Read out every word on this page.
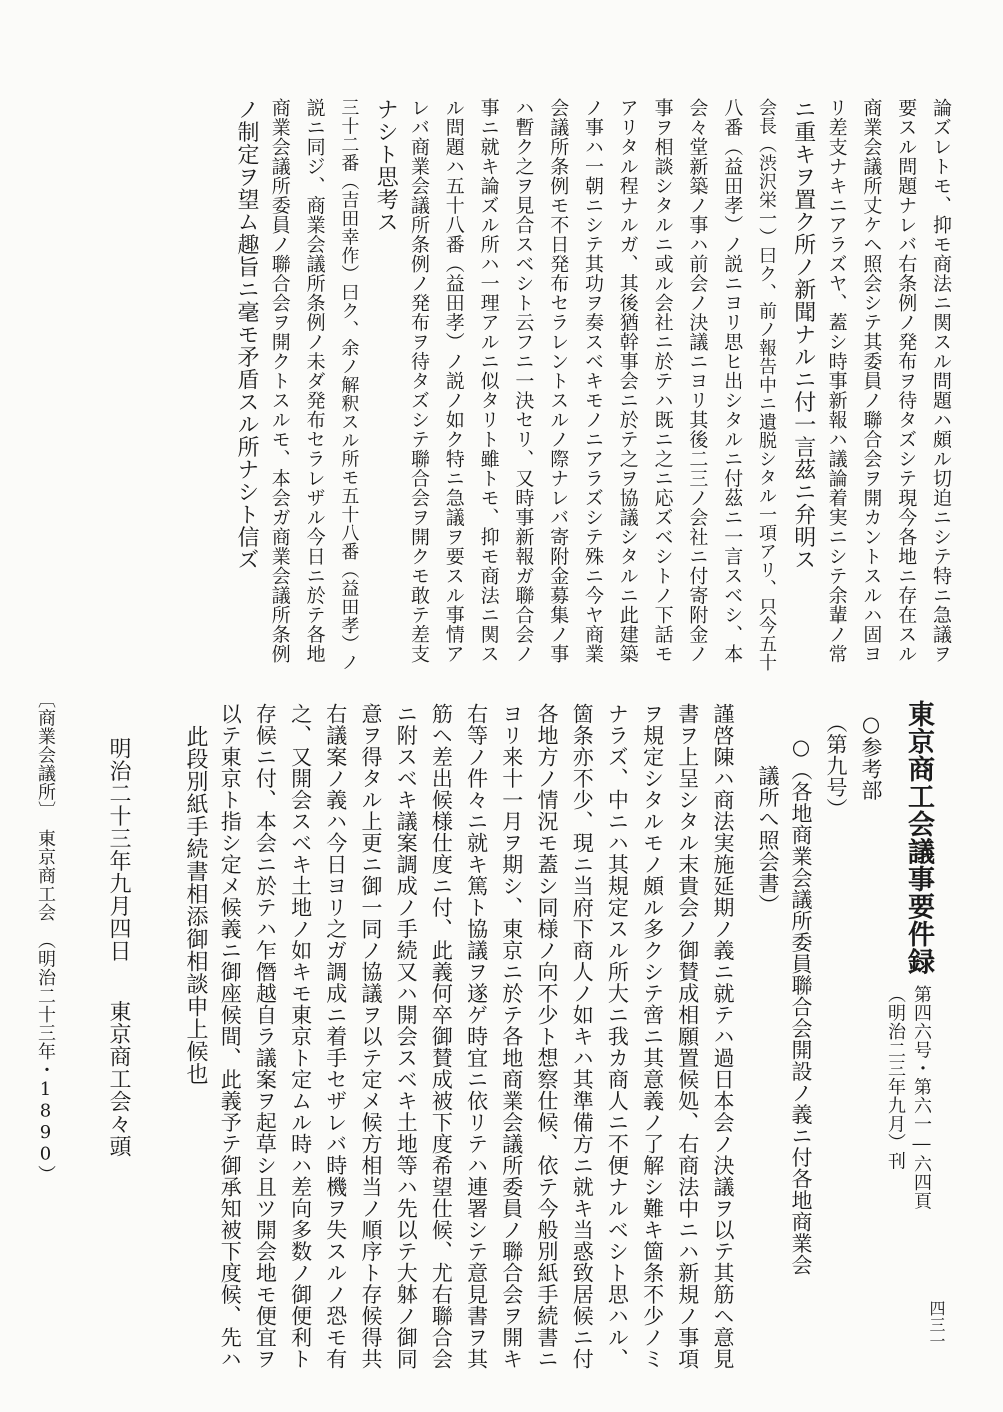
論ズレトモ、抑モ商法ニ関スル問題ハ頗ル切迫ニシテ特ニ急議ヲ
要スル問題ナレバ右条例ノ発布ヲ待タズシテ現今各地ニ存在スル
商業会議所丈ケヘ照会シテ其委員ノ聯合会ヲ開カントスルハ固ヨ
リ差支ナキニアラズヤ、蓋シ時事新報ハ議論着実ニシテ余輩ノ常
ニ重キヲ置ク所ノ新聞ナルニ付一言茲ニ弁明ス
会長（渋沢栄一）曰ク、前ノ報告中ニ遺脱シタル一項アリ、只今五十
八番（益田孝）ノ説ニヨリ思ヒ出シタルニ付茲ニ一言スベシ、本
会々堂新築ノ事ハ前会ノ決議ニヨリ其後二三ノ会社ニ付寄附金ノ
事ヲ相談シタルニ或ル会社ニ於テハ既ニ之ニ応ズベシトノ下話モ
アリタル程ナルガ、其後猶幹事会ニ於テ之ヲ協議シタルニ此建築
ノ事ハ一朝ニシテ其功ヲ奏スベキモノニアラズシテ殊ニ今ヤ商業
会議所条例モ不日発布セラレントスルノ際ナレバ寄附金募集ノ事
ハ暫ク之ヲ見合スベシト云フニ一決セリ、又時事新報ガ聯合会ノ
事ニ就キ論ズル所ハ一理アルニ似タリト雖トモ、抑モ商法ニ関ス
ル問題ハ五十八番（益田孝）ノ説ノ如ク特ニ急議ヲ要スル事情ア
レバ商業会議所条例ノ発布ヲ待タズシテ聯合会ヲ開クモ敢テ差支
ナシト思考ス
三十二番（吉田幸作）曰ク、余ノ解釈スル所モ五十八番（益田孝）ノ
説ニ同ジ、商業会議所条例ノ未ダ発布セラレザル今日ニ於テ各地
商業会議所委員ノ聯合会ヲ開クトスルモ、本会ガ商業会議所条例
ノ制定ヲ望ム趣旨ニ毫モ矛盾スル所ナシト信ズ
〔商業会議所〕　東京商工会　（明治二十三年・1890）	東京商工会議事要件録
第四六号・第六一―六四頁
（明治二三年九月）刊
○参考部
（第九号）
○（各地商業会議所委員聯合会開設ノ義ニ付各地商業会
議所へ照会書）
謹啓陳ハ商法実施延期ノ義ニ就テハ過日本会ノ決議ヲ以テ其筋ヘ意見
書ヲ上呈シタル末貴会ノ御賛成相願置候処、右商法中ニハ新規ノ事項
ヲ規定シタルモノ頗ル多クシテ啻ニ其意義ノ了解シ難キ箇条不少ノミ
ナラズ、中ニハ其規定スル所大ニ我カ商人ニ不便ナルベシト思ハル、
箇条亦不少、現ニ当府下商人ノ如キハ其準備方ニ就キ当惑致居候ニ付
各地方ノ情況モ蓋シ同様ノ向不少ト想察仕候、依テ今般別紙手続書ニ
ヨリ来十一月ヲ期シ、東京ニ於テ各地商業会議所委員ノ聯合会ヲ開キ
右等ノ件々ニ就キ篤ト協議ヲ遂ゲ時宜ニ依リテハ連署シテ意見書ヲ其
筋ヘ差出候様仕度ニ付、此義何卒御賛成被下度希望仕候、尤右聯合会
ニ附スベキ議案調成ノ手続又ハ開会スベキ土地等ハ先以テ大躰ノ御同
意ヲ得タル上更ニ御一同ノ協議ヲ以テ定メ候方相当ノ順序ト存候得共
右議案ノ義ハ今日ヨリ之ガ調成ニ着手セザレバ時機ヲ失スルノ恐モ有
之、又開会スベキ土地ノ如キモ東京ト定ムル時ハ差向多数ノ御便利ト
存候ニ付、本会ニ於テハ乍僭越自ラ議案ヲ起草シ且ツ開会地モ便宜ヲ
以テ東京ト指シ定メ候義ニ御座候間、此義予テ御承知被下度候、先ハ
此段別紙手続書相添御相談申上候也
明治二十三年九月四日
東京商工会々頭
四三一
